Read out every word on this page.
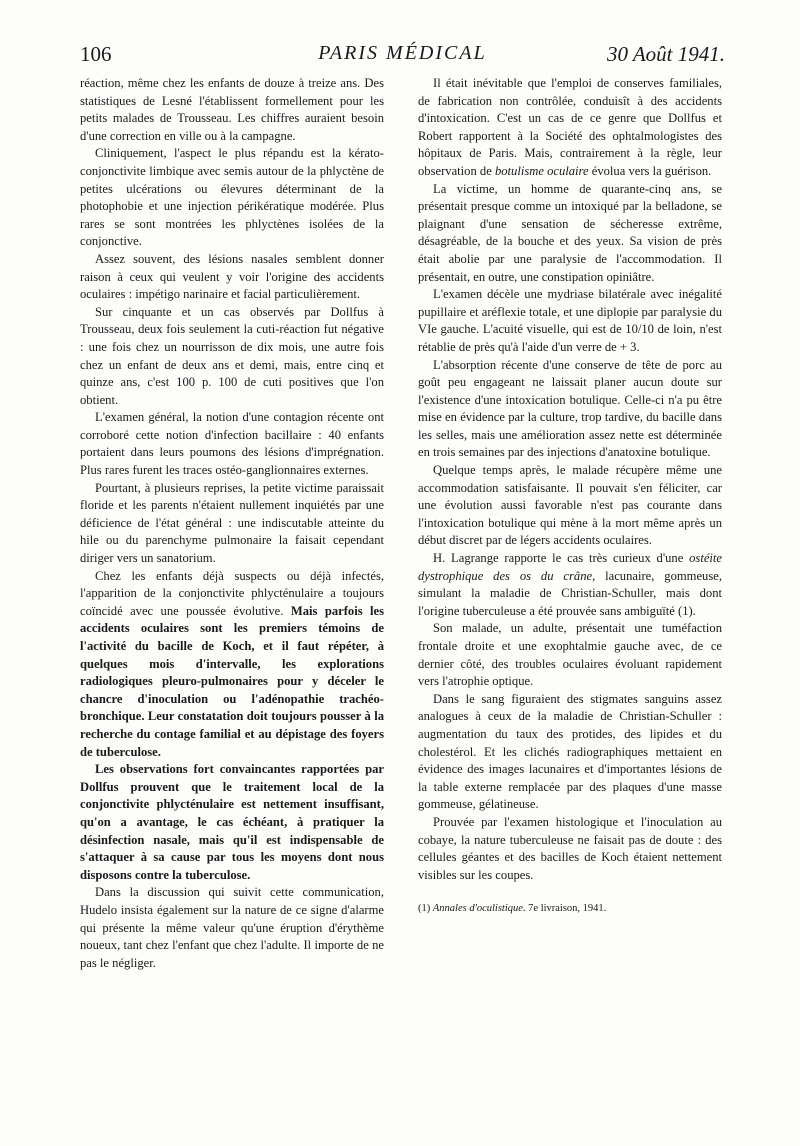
106	PARIS MÉDICAL	30 Août 1941.

réaction, même chez les enfants de douze à treize ans. Des statistiques de Lesné l'établissent formellement pour les petits malades de Trousseau. Les chiffres auraient besoin d'une correction en ville ou à la campagne.

Cliniquement, l'aspect le plus répandu est la kérato-conjonctivite limbique avec semis autour de la phlyctène de petites ulcérations ou élevures déterminant de la photophobie et une injection périkératique modérée. Plus rares se sont montrées les phlyctènes isolées de la conjonctive.

Assez souvent, des lésions nasales semblent donner raison à ceux qui veulent y voir l'origine des accidents oculaires : impétigo narinaire et facial particulièrement.

Sur cinquante et un cas observés par Dollfus à Trousseau, deux fois seulement la cuti-réaction fut négative : une fois chez un nourrisson de dix mois, une autre fois chez un enfant de deux ans et demi, mais, entre cinq et quinze ans, c'est 100 p. 100 de cuti positives que l'on obtient.

L'examen général, la notion d'une contagion récente ont corroboré cette notion d'infection bacillaire : 40 enfants portaient dans leurs poumons des lésions d'imprégnation. Plus rares furent les traces ostéo-ganglionnaires externes.

Pourtant, à plusieurs reprises, la petite victime paraissait floride et les parents n'étaient nullement inquiétés par une déficience de l'état général : une indiscutable atteinte du hile ou du parenchyme pulmonaire la faisait cependant diriger vers un sanatorium.

Chez les enfants déjà suspects ou déjà infectés, l'apparition de la conjonctivite phlycténulaire a toujours coïncidé avec une poussée évolutive. Mais parfois les accidents oculaires sont les premiers témoins de l'activité du bacille de Koch, et il faut répéter, à quelques mois d'intervalle, les explorations radiologiques pleuro-pulmonaires pour y déceler le chancre d'inoculation ou l'adénopathie trachéo-bronchique. Leur constatation doit toujours pousser à la recherche du contage familial et au dépistage des foyers de tuberculose.

Les observations fort convaincantes rapportées par Dollfus prouvent que le traitement local de la conjonctivite phlycténulaire est nettement insuffisant, qu'on a avantage, le cas échéant, à pratiquer la désinfection nasale, mais qu'il est indispensable de s'attaquer à sa cause par tous les moyens dont nous disposons contre la tuberculose.

Dans la discussion qui suivit cette communication, Hudelo insista également sur la nature de ce signe d'alarme qui présente la même valeur qu'une éruption d'érythème noueux, tant chez l'enfant que chez l'adulte. Il importe de ne pas le négliger.

Il était inévitable que l'emploi de conserves familiales, de fabrication non contrôlée, conduisît à des accidents d'intoxication. C'est un cas de ce genre que Dollfus et Robert rapportent à la Société des ophtalmologistes des hôpitaux de Paris. Mais, contrairement à la règle, leur observation de botulisme oculaire évolua vers la guérison.

La victime, un homme de quarante-cinq ans, se présentait presque comme un intoxiqué par la belladone, se plaignant d'une sensation de sécheresse extrême, désagréable, de la bouche et des yeux. Sa vision de près était abolie par une paralysie de l'accommodation. Il présentait, en outre, une constipation opiniâtre.

L'examen décèle une mydriase bilatérale avec inégalité pupillaire et aréflexie totale, et une diplopie par paralysie du VIe gauche. L'acuité visuelle, qui est de 10/10 de loin, n'est rétablie de près qu'à l'aide d'un verre de + 3.

L'absorption récente d'une conserve de tête de porc au goût peu engageant ne laissait planer aucun doute sur l'existence d'une intoxication botulique. Celle-ci n'a pu être mise en évidence par la culture, trop tardive, du bacille dans les selles, mais une amélioration assez nette est déterminée en trois semaines par des injections d'anatoxine botulique.

Quelque temps après, le malade récupère même une accommodation satisfaisante. Il pouvait s'en féliciter, car une évolution aussi favorable n'est pas courante dans l'intoxication botulique qui mène à la mort même après un début discret par de légers accidents oculaires.

H. Lagrange rapporte le cas très curieux d'une ostéite dystrophique des os du crâne, lacunaire, gommeuse, simulant la maladie de Christian-Schuller, mais dont l'origine tuberculeuse a été prouvée sans ambiguïté (1).

Son malade, un adulte, présentait une tuméfaction frontale droite et une exophtalmie gauche avec, de ce dernier côté, des troubles oculaires évoluant rapidement vers l'atrophie optique.

Dans le sang figuraient des stigmates sanguins assez analogues à ceux de la maladie de Christian-Schuller : augmentation du taux des protides, des lipides et du cholestérol. Et les clichés radiographiques mettaient en évidence des images lacunaires et d'importantes lésions de la table externe remplacée par des plaques d'une masse gommeuse, gélatineuse.

Prouvée par l'examen histologique et l'inoculation au cobaye, la nature tuberculeuse ne faisait pas de doute : des cellules géantes et des bacilles de Koch étaient nettement visibles sur les coupes.

(1) Annales d'oculistique. 7e livraison, 1941.
